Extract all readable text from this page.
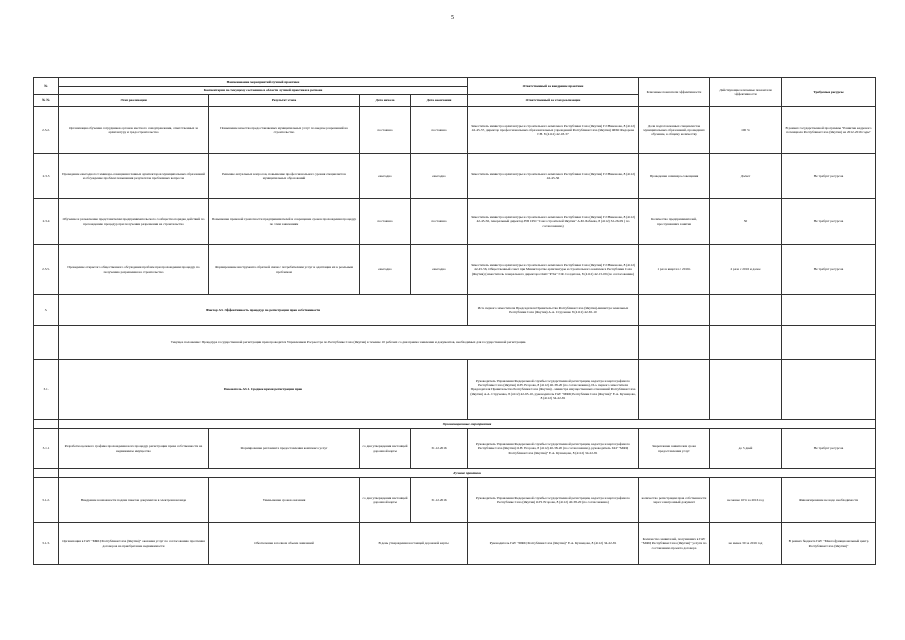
5
№	Наименование мероприятий\лучшей практики				Ответственный за внедрение практики	Ключевые показатели эффективности	Действующие ключевые показатели эффективности	Требуемые ресурсы
	Комментарии по текущему состоянию в области лучшей практики в регионе							
№ №	Этап реализации	Результат этапа	Дата начала	Дата окончания	Ответственный за этап реализации			
2.3.2.	Организация обучения сотрудников органов местного самоуправления, ответственных за архитектуру и градостроительство	Повышение качества предоставляемых муниципальных услуг по выдаче разрешений на строительство	постоянно	постоянно	Заместитель министра архитектуры и строительного комплекса Республики Саха (Якутия) Г.Г.Никонова, 8 (4112) 42-45-57, директор профессиональных образовательных учреждений Республики Саха (Якутия) ФИО Федорова Г.Н. 8 (4112) 42-18-37	Доля подготовленных специалистов муниципальных образований, прошедших обучение, к общему количеству	100 %	В рамках государственной программы "Развитие кадрового потенциала Республики Саха (Якутия) на 2012-2016 годы"
2.3.3	Проведение ежегодного Семинара-совещания главных архитекторов муниципальных образований и обсуждение проблем повышения результатов проблемных вопросов	Решение актуальных вопросов, повышение профессионального уровня специалистов муниципальных образований	ежегодно	ежегодно	Заместитель министра архитектуры и строительного комплекса Республики Саха (Якутия) Г.Г.Никонова, 8 (4112) 42-45-56	Проведение семинара-совещания	Да/нет	Не требует ресурсов
2.3.4	Обучение и разъяснение представителям предпринимательского сообщества порядка действий по прохождению процедур при получении разрешения на строительство	Повышение правовой грамотности предпринимателей и сокращение сроков прохождения процедур по этим заявлениям	постоянно	постоянно	Заместитель министра архитектуры и строительного комплекса Республики Саха (Якутия) Г.Г.Никонова, 8 (4112) 42-45-56, генеральный директор НП СРО "Союз строителей Якутии" А.М. Бабаева, 8 (4112) 32-26-09 ( по согласованию)	Количество предпринимателей, прослушавших занятия	50	Не требует ресурсов
2.3.5.	Проведение открытого общественного обсуждения проблем при прохождении процедур по получению разрешения на строительство	Формирование инструмента обратной связи с потребителями услуг и адаптации их к реальным проблемам	ежегодно	ежегодно	Заместитель министра архитектуры и строительного комплекса Республики Саха (Якутия) Г.Г.Никонова, 8 (4112) 42-45-56, Общественный совет при Министерстве архитектуры и строительного комплекса Республики Саха (Якутия) (заместитель генерального директора ОАО "РЭА" Г.Ф. Солдатова, 8 (4112) 42-15-09 (по согласованию)	1 раз в квартал с 2016г.	2 раза с 2016 и далее	Не требует ресурсов
3.	Фактор А3. Эффективность процедур по регистрации прав собственности				Исп. первого заместителя Председателя Правительства Республики Саха (Якутия)-министра земельных Республики Саха (Якутия) А.А. Струченко 8 (4112) 42-65-10			
	Текущее положение: Процедура государственной регистрации прав проводится Управлением Росреестра по Республике Саха (Якутия) в течение 10 рабочих со дня приема заявления и документов, необходимых для государственной регистрации.							
3.1.	Показатель А3.1. Среднее время регистрации прав				Руководитель Управления Федеральной службы государственной регистрации, кадастра и картографии по Республике Саха (Якутия) О.Н. Егорова, 8 (4112) 40-38-20 (по согласованию), И.о. первого заместителя Председателя Правительства Республики Саха (Якутия) - министра имущественных отношений Республики Саха (Якутия) А.А. Струченко, 8 (4112) 42-65-10, руководитель ГАУ "МФЦ Республики Саха (Якутия)" Е.А. Кузнецова, 8 (4112) 34-22-81			
	Организационные мероприятия							
3.1.1	Разработка целевого графика прохождения всех процедур регистрации права собственности на недвижимое имущество	Формирование регламента предоставления комплекса услуг	со дня утверждения настоящей дорожной карты	31.12.2016	Руководитель Управления Федеральной службы государственной регистрации, кадастра и картографии по Республике Саха (Якутия) О.Н. Егорова, 8 (4112) 40-38-20 (по согласованию), руководитель ГАУ "МФЦ Республики Саха (Якутия)" Е.А. Кузнецова, 8 (4112) 34-22-81	Закрепление заявителем срока предоставления услуг	до 5 дней	Не требует ресурсов
	Лучшие практики							
3.1.2.	Внедрение возможности подачи пакетов документов в электронном виде	Уменьшение сроков оказания	со дня утверждения настоящей дорожной карты	31.12.2016	Руководитель Управления Федеральной службы государственной регистрации, кадастра и картографии по Республике Саха (Якутия) О.Н. Егорова, 8 (4112) 40-38-20 (по согласованию)	количество регистрации прав собственности через электронный документ	не менее 10% за 2016 год	Финансирование не надо необходимости
3.1.3.	Организация в ГАУ "МФЦ Республики Саха (Якутия)" оказания услуг по согласованию прочтения договоров на приобретение недвижимости	Обеспечение в полном объеме заявлений	В день утверждения настоящей дорожной карты		Руководитель ГАУ "МФЦ Республики Саха (Якутия)" Е.А. Кузнецова, 8 (4112) 34-22-81	Количество заявителей, получивших в ГАУ "МФЦ Республики Саха (Якутия)" услуги по составлению проекта договора	не менее 30 за 2016 год	В рамках бюджета ГАУ "Многофункциональный центр Республики Саха (Якутия)"
